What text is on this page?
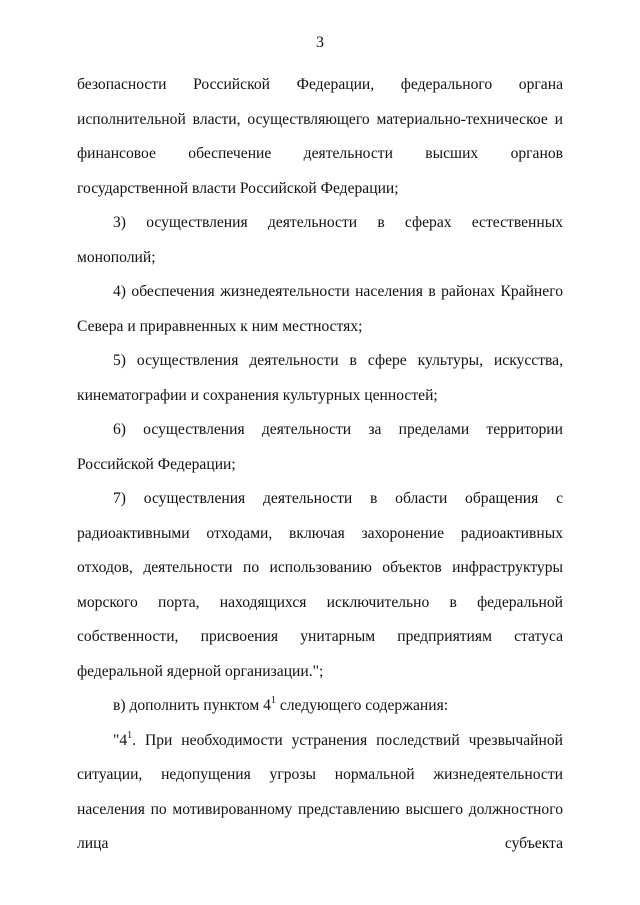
3

безопасности Российской Федерации, федерального органа исполнительной власти, осуществляющего материально-техническое и финансовое обеспечение деятельности высших органов государственной власти Российской Федерации;

3) осуществления деятельности в сферах естественных монополий;

4) обеспечения жизнедеятельности населения в районах Крайнего Севера и приравненных к ним местностях;

5) осуществления деятельности в сфере культуры, искусства, кинематографии и сохранения культурных ценностей;

6) осуществления деятельности за пределами территории Российской Федерации;

7) осуществления деятельности в области обращения с радиоактивными отходами, включая захоронение радиоактивных отходов, деятельности по использованию объектов инфраструктуры морского порта, находящихся исключительно в федеральной собственности, присвоения унитарным предприятиям статуса федеральной ядерной организации.";

в) дополнить пунктом $4^1$ следующего содержания:

"$4^1$. При необходимости устранения последствий чрезвычайной ситуации, недопущения угрозы нормальной жизнедеятельности населения по мотивированному представлению высшего должностного лица субъекта
